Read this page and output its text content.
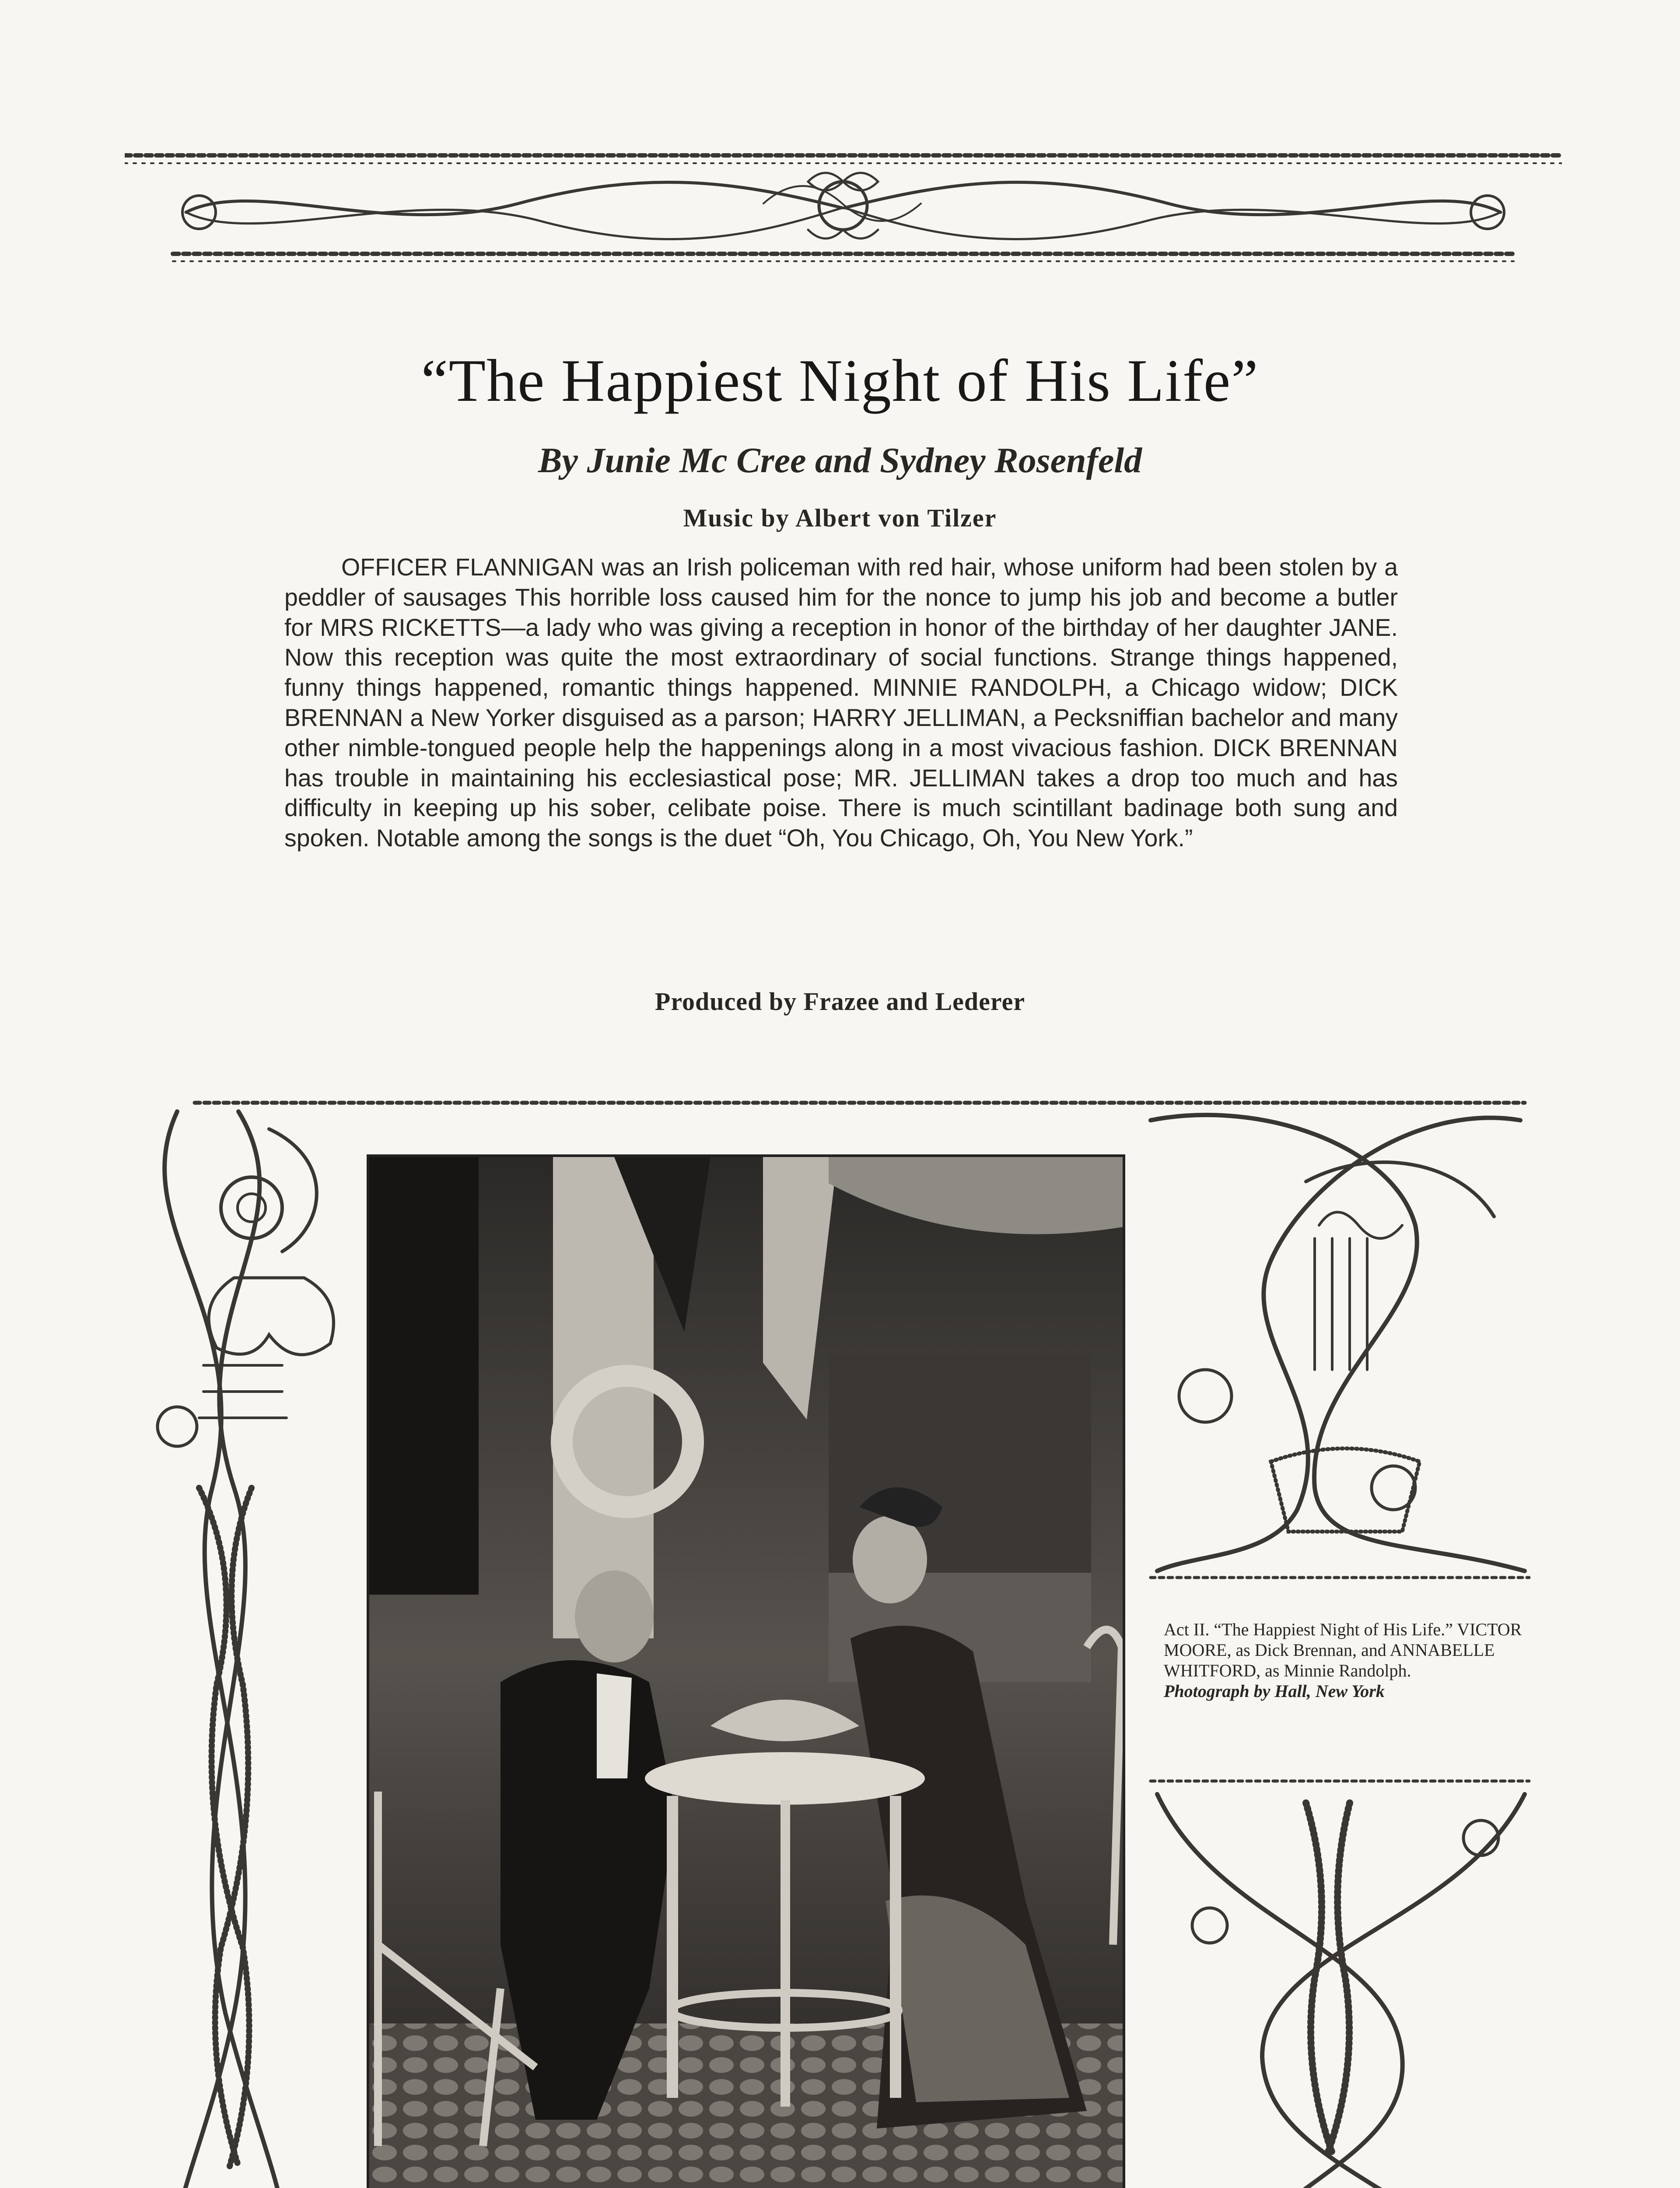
“The Happiest Night of His Life”
By Junie Mc Cree and Sydney Rosenfeld
Music by Albert von Tilzer
OFFICER FLANNIGAN was an Irish policeman with red hair, whose uniform had been stolen by a peddler of sausages This horrible loss caused him for the nonce to jump his job and become a butler for MRS RICKETTS—a lady who was giving a reception in honor of the birthday of her daughter JANE. Now this reception was quite the most extraordinary of social functions. Strange things happened, funny things happened, romantic things happened. MINNIE RANDOLPH, a Chicago widow; DICK BRENNAN a New Yorker disguised as a parson; HARRY JELLIMAN, a Pecksniffian bachelor and many other nimble-tongued people help the happenings along in a most vivacious fashion. DICK BRENNAN has trouble in maintaining his ecclesiastical pose; MR. JELLIMAN takes a drop too much and has difficulty in keeping up his sober, celibate poise. There is much scintillant badinage both sung and spoken. Notable among the songs is the duet “Oh, You Chicago, Oh, You New York.”
Produced by Frazee and Lederer
Act II. “The Happiest Night of His Life.” VICTOR MOORE, as Dick Brennan, and ANNABELLE WHITFORD, as Minnie Randolph.
Photograph by Hall, New York
